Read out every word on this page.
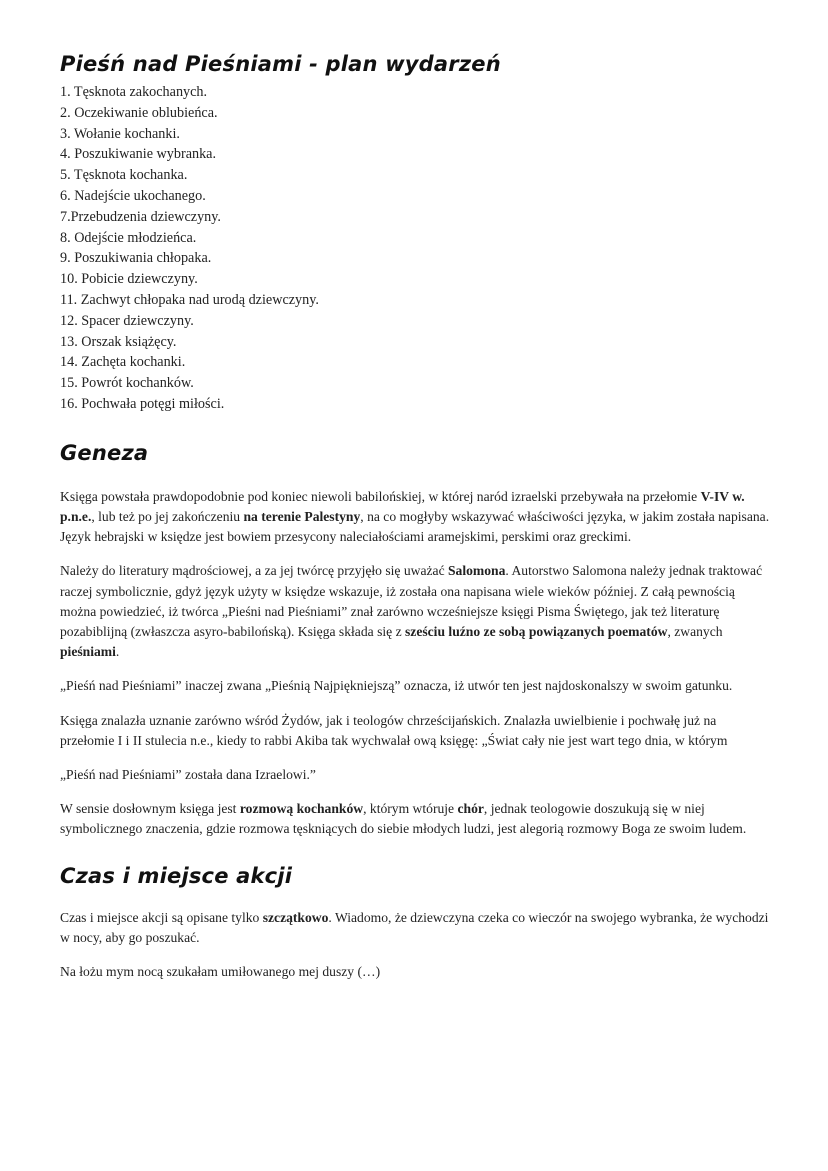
Pieśń nad Pieśniami - plan wydarzeń
1. Tęsknota zakochanych.
2. Oczekiwanie oblubieńca.
3. Wołanie kochanki.
4. Poszukiwanie wybranka.
5. Tęsknota kochanka.
6. Nadejście ukochanego.
7.Przebudzenia dziewczyny.
8. Odejście młodzieńca.
9. Poszukiwania chłopaka.
10. Pobicie dziewczyny.
11. Zachwyt chłopaka nad urodą dziewczyny.
12. Spacer dziewczyny.
13. Orszak książęcy.
14. Zachęta kochanki.
15. Powrót kochanków.
16. Pochwała potęgi miłości.
Geneza

Księga powstała prawdopodobnie pod koniec niewoli babilońskiej, w której naród izraelski przebywała na przełomie V-IV w. p.n.e., lub też po jej zakończeniu na terenie Palestyny, na co mogłyby wskazywać właściwości języka, w jakim została napisana. Język hebrajski w księdze jest bowiem przesycony naleciałościami aramejskimi, perskimi oraz greckimi.

Należy do literatury mądrościowej, a za jej twórcę przyjęło się uważać Salomona. Autorstwo Salomona należy jednak traktować raczej symbolicznie, gdyż język użyty w księdze wskazuje, iż została ona napisana wiele wieków później. Z całą pewnością można powiedzieć, iż twórca „Pieśni nad Pieśniami” znał zarówno wcześniejsze księgi Pisma Świętego, jak też literaturę pozabiblijną (zwłaszcza asyro-babilońską). Księga składa się z sześciu luźno ze sobą powiązanych poematów, zwanych pieśniami.

„Pieśń nad Pieśniami” inaczej zwana „Pieśnią Najpiękniejszą” oznacza, iż utwór ten jest najdoskonalszy w swoim gatunku.

Księga znalazła uznanie zarówno wśród Żydów, jak i teologów chrześcijańskich. Znalazła uwielbienie i pochwałę już na przełomie I i II stulecia n.e., kiedy to rabbi Akiba tak wychwalał ową księgę: „Świat cały nie jest wart tego dnia, w którym

„Pieśń nad Pieśniami” została dana Izraelowi.”

W sensie dosłownym księga jest rozmową kochanków, którym wtóruje chór, jednak teologowie doszukują się w niej symbolicznego znaczenia, gdzie rozmowa tęskniących do siebie młodych ludzi, jest alegorią rozmowy Boga ze swoim ludem.

Czas i miejsce akcji

Czas i miejsce akcji są opisane tylko szczątkowo. Wiadomo, że dziewczyna czeka co wieczór na swojego wybranka, że wychodzi w nocy, aby go poszukać.

Na łożu mym nocą szukałam umiłowanego mej duszy (…)
